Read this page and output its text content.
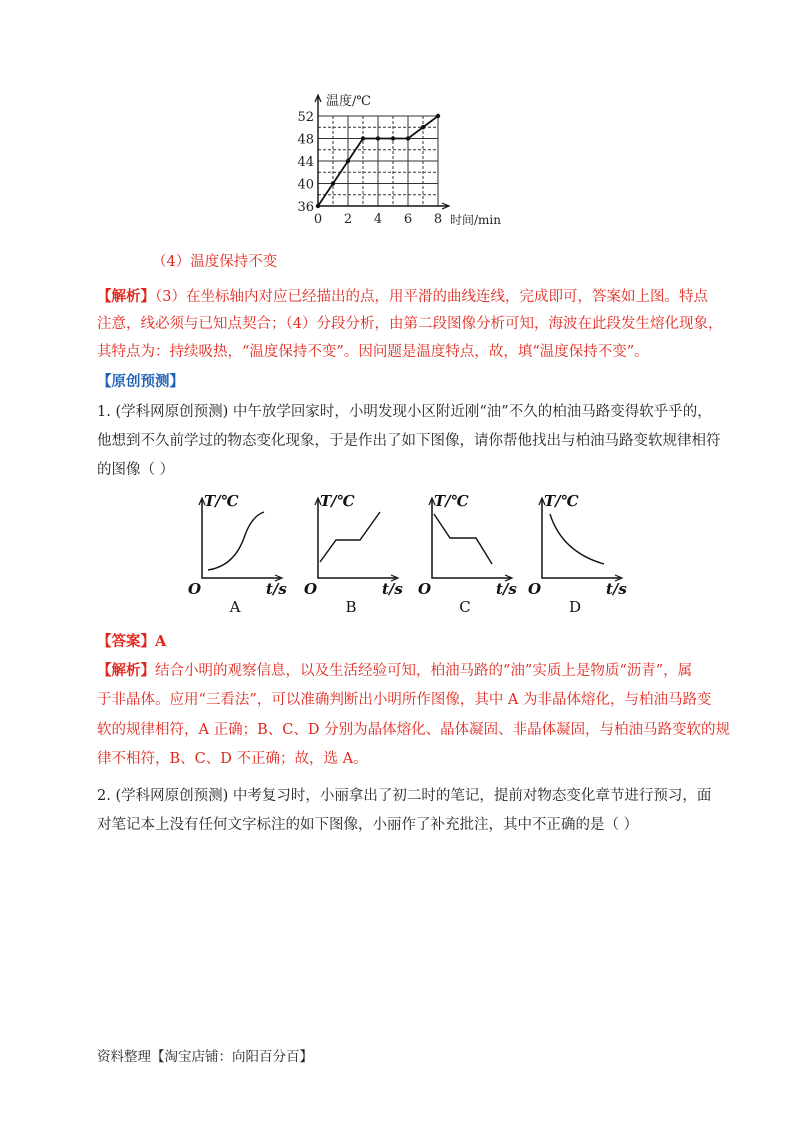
52
48
44
40
36
0 2 4 6 8
温度/℃
时间/min
（4）温度保持不变
【解析】（3）在坐标轴内对应已经描出的点，用平滑的曲线连线，完成即可，答案如上图。特点
注意，线必须与已知点契合；（4）分段分析，由第二段图像分析可知，海波在此段发生熔化现象，
其特点为：持续吸热，“温度保持不变”。因问题是温度特点，故，填“温度保持不变”。
【原创预测】
1. (学科网原创预测) 中午放学回家时，小明发现小区附近刚“油”不久的柏油马路变得软乎乎的，
他想到不久前学过的物态变化现象，于是作出了如下图像，请你帮他找出与柏油马路变软规律相符
的图像（ ）
T/℃
t/s
O
A
T/℃
t/s
O
B
T/℃
t/s
O
C
T/℃
t/s
O
D
【答案】A
【解析】结合小明的观察信息，以及生活经验可知，柏油马路的“油”实质上是物质“沥青”，属
于非晶体。应用“三看法”，可以准确判断出小明所作图像，其中 A 为非晶体熔化，与柏油马路变
软的规律相符，A 正确；B、C、D 分别为晶体熔化、晶体凝固、非晶体凝固，与柏油马路变软的规
律不相符，B、C、D 不正确；故，选 A。
2. (学科网原创预测) 中考复习时，小丽拿出了初二时的笔记，提前对物态变化章节进行预习，面
对笔记本上没有任何文字标注的如下图像，小丽作了补充批注，其中不正确的是（ ）
资料整理【淘宝店铺：向阳百分百】
